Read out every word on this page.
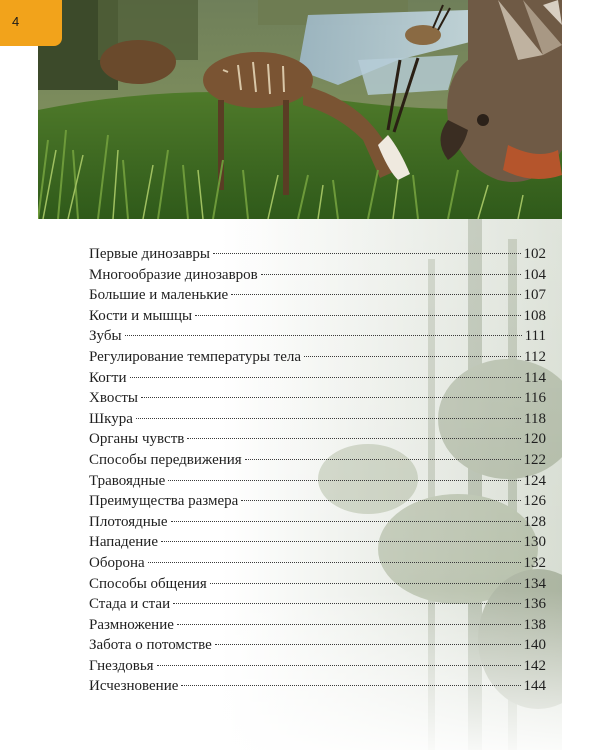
4
Первые динозавры	102
Многообразие динозавров	104
Большие и маленькие	107
Кости и мышцы	108
Зубы	111
Регулирование температуры тела	112
Когти	114
Хвосты	116
Шкура	118
Органы чувств	120
Способы передвижения	122
Травоядные	124
Преимущества размера	126
Плотоядные	128
Нападение	130
Оборона	132
Способы общения	134
Стада и стаи	136
Размножение	138
Забота о потомстве	140
Гнездовья	142
Исчезновение	144
